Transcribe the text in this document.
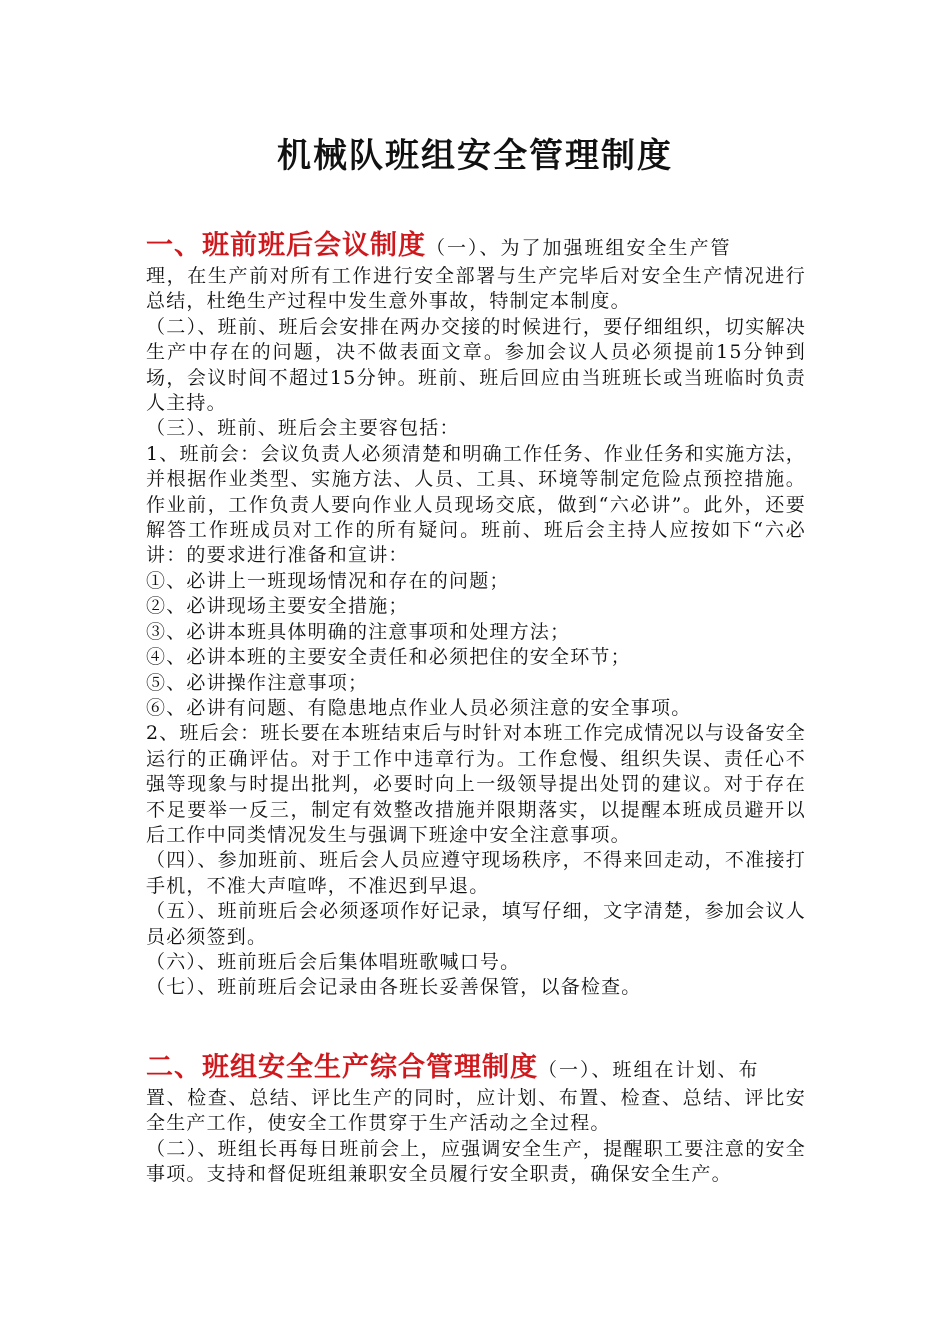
机械队班组安全管理制度

一、班前班后会议制度（一）、为了加强班组安全生产管

理，在生产前对所有工作进行安全部署与生产完毕后对安全生产情况进行总结，杜绝生产过程中发生意外事故，特制定本制度。

（二）、班前、班后会安排在两办交接的时候进行，要仔细组织，切实解决生产中存在的问题，决不做表面文章。参加会议人员必须提前15分钟到场，会议时间不超过15分钟。班前、班后回应由当班班长或当班临时负责人主持。

（三）、班前、班后会主要容包括：

1、班前会：会议负责人必须清楚和明确工作任务、作业任务和实施方法，并根据作业类型、实施方法、人员、工具、环境等制定危险点预控措施。作业前，工作负责人要向作业人员现场交底，做到“六必讲”。此外，还要解答工作班成员对工作的所有疑问。班前、班后会主持人应按如下“六必讲：的要求进行准备和宣讲：

①、必讲上一班现场情况和存在的问题；

②、必讲现场主要安全措施；

③、必讲本班具体明确的注意事项和处理方法；

④、必讲本班的主要安全责任和必须把住的安全环节；

⑤、必讲操作注意事项；

⑥、必讲有问题、有隐患地点作业人员必须注意的安全事项。

2、班后会：班长要在本班结束后与时针对本班工作完成情况以与设备安全运行的正确评估。对于工作中违章行为。工作怠慢、组织失误、责任心不强等现象与时提出批判，必要时向上一级领导提出处罚的建议。对于存在不足要举一反三，制定有效整改措施并限期落实，以提醒本班成员避开以后工作中同类情况发生与强调下班途中安全注意事项。

（四）、参加班前、班后会人员应遵守现场秩序，不得来回走动，不准接打手机，不准大声喧哗，不准迟到早退。

（五）、班前班后会必须逐项作好记录，填写仔细，文字清楚，参加会议人员必须签到。

（六）、班前班后会后集体唱班歌喊口号。

（七）、班前班后会记录由各班长妥善保管，以备检查。

二、班组安全生产综合管理制度（一）、班组在计划、布

置、检查、总结、评比生产的同时，应计划、布置、检查、总结、评比安全生产工作，使安全工作贯穿于生产活动之全过程。

（二）、班组长再每日班前会上，应强调安全生产，提醒职工要注意的安全事项。支持和督促班组兼职安全员履行安全职责，确保安全生产。
